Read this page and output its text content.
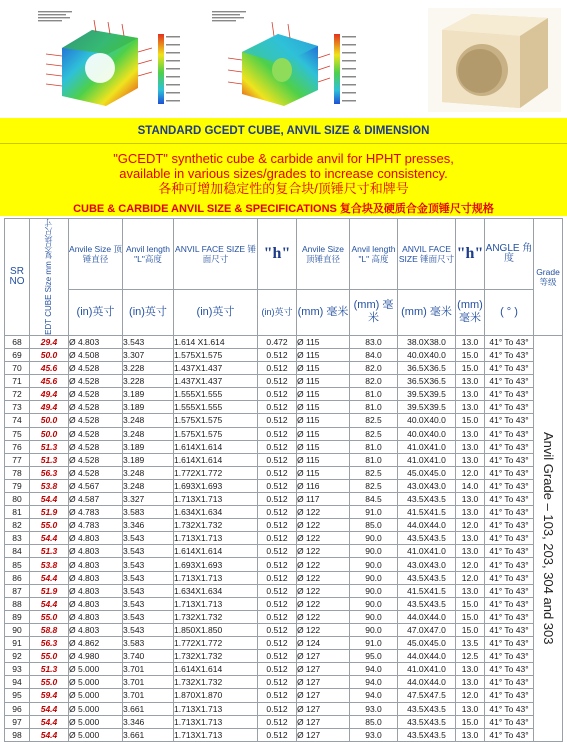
STANDARD GCEDT CUBE, ANVIL SIZE & DIMENSION
"GCEDT" synthetic cube & carbide anvil for HPHT presses,
available in various sizes/grades to increase consistency.
各种可增加稳定性的复合块/顶锤尺寸和牌号
CUBE & CARBIDE ANVIL SIZE & SPECIFICATIONS 复合块及硬质合金顶锤尺寸规格
SR NO	EDT CUBE Size mm 复合块尺寸	Anvile Size 顶锤直径	Anvil length "L"高度	ANVIL FACE SIZE 锤面尺寸	"h"	Anvile Size 顶锤直径	Anvil length "L" 高度	ANVIL FACE SIZE 锤面尺寸	"h"	ANGLE 角度	Grade 等级
		(in)英寸	(in)英寸	(in)英寸	(in)英寸	(mm) 毫米	(mm) 毫米	(mm) 毫米	(mm) 毫米	( ° )	
68	29.4	Ø 4.803	3.543	1.614 X1.614	0.472	Ø 115	83.0	38.0X38.0	13.0	41° To 43°	Anvil Grade – 103, 203, 304 and 303

69	50.0	Ø 4.508	3.307	1.575X1.575	0.512	Ø 115	84.0	40.0X40.0	15.0	41° To 43°	
70	45.6	Ø 4.528	3.228	1.437X1.437	0.512	Ø 115	82.0	36.5X36.5	15.0	41° To 43°	
71	45.6	Ø 4.528	3.228	1.437X1.437	0.512	Ø 115	82.0	36.5X36.5	13.0	41° To 43°	
72	49.4	Ø 4.528	3.189	1.555X1.555	0.512	Ø 115	81.0	39.5X39.5	13.0	41° To 43°	
73	49.4	Ø 4.528	3.189	1.555X1.555	0.512	Ø 115	81.0	39.5X39.5	13.0	41° To 43°	
74	50.0	Ø 4.528	3.248	1.575X1.575	0.512	Ø 115	82.5	40.0X40.0	15.0	41° To 43°	
75	50.0	Ø 4.528	3.248	1.575X1.575	0.512	Ø 115	82.5	40.0X40.0	13.0	41° To 43°	
76	51.3	Ø 4.528	3.189	1.614X1.614	0.512	Ø 115	81.0	41.0X41.0	13.0	41° To 43°	
77	51.3	Ø 4.528	3.189	1.614X1.614	0.512	Ø 115	81.0	41.0X41.0	13.0	41° To 43°	
78	56.3	Ø 4.528	3.248	1.772X1.772	0.512	Ø 115	82.5	45.0X45.0	12.0	41° To 43°	
79	53.8	Ø 4.567	3.248	1.693X1.693	0.512	Ø 116	82.5	43.0X43.0	14.0	41° To 43°	
80	54.4	Ø 4.587	3.327	1.713X1.713	0.512	Ø 117	84.5	43.5X43.5	13.0	41° To 43°	
81	51.9	Ø 4.783	3.583	1.634X1.634	0.512	Ø 122	91.0	41.5X41.5	13.0	41° To 43°	
82	55.0	Ø 4.783	3.346	1.732X1.732	0.512	Ø 122	85.0	44.0X44.0	12.0	41° To 43°	
83	54.4	Ø 4.803	3.543	1.713X1.713	0.512	Ø 122	90.0	43.5X43.5	13.0	41° To 43°	
84	51.3	Ø 4.803	3.543	1.614X1.614	0.512	Ø 122	90.0	41.0X41.0	13.0	41° To 43°	
85	53.8	Ø 4.803	3.543	1.693X1.693	0.512	Ø 122	90.0	43.0X43.0	12.0	41° To 43°	
86	54.4	Ø 4.803	3.543	1.713X1.713	0.512	Ø 122	90.0	43.5X43.5	12.0	41° To 43°	
87	51.9	Ø 4.803	3.543	1.634X1.634	0.512	Ø 122	90.0	41.5X41.5	13.0	41° To 43°	
88	54.4	Ø 4.803	3.543	1.713X1.713	0.512	Ø 122	90.0	43.5X43.5	15.0	41° To 43°	
89	55.0	Ø 4.803	3.543	1.732X1.732	0.512	Ø 122	90.0	44.0X44.0	15.0	41° To 43°	
90	58.8	Ø 4.803	3.543	1.850X1.850	0.512	Ø 122	90.0	47.0X47.0	15.0	41° To 43°	
91	56.3	Ø 4.862	3.583	1.772X1.772	0.512	Ø 124	91.0	45.0X45.0	13.5	41° To 43°	
92	55.0	Ø 4.980	3.740	1.732X1.732	0.512	Ø 127	95.0	44.0X44.0	12.5	41° To 43°	
93	51.3	Ø 5.000	3.701	1.614X1.614	0.512	Ø 127	94.0	41.0X41.0	13.0	41° To 43°	
94	55.0	Ø 5.000	3.701	1.732X1.732	0.512	Ø 127	94.0	44.0X44.0	13.0	41° To 43°	
95	59.4	Ø 5.000	3.701	1.870X1.870	0.512	Ø 127	94.0	47.5X47.5	12.0	41° To 43°	
96	54.4	Ø 5.000	3.661	1.713X1.713	0.512	Ø 127	93.0	43.5X43.5	13.0	41° To 43°	
97	54.4	Ø 5.000	3.346	1.713X1.713	0.512	Ø 127	85.0	43.5X43.5	15.0	41° To 43°	
98	54.4	Ø 5.000	3.661	1.713X1.713	0.512	Ø 127	93.0	43.5X43.5	13.0	41° To 43°	
